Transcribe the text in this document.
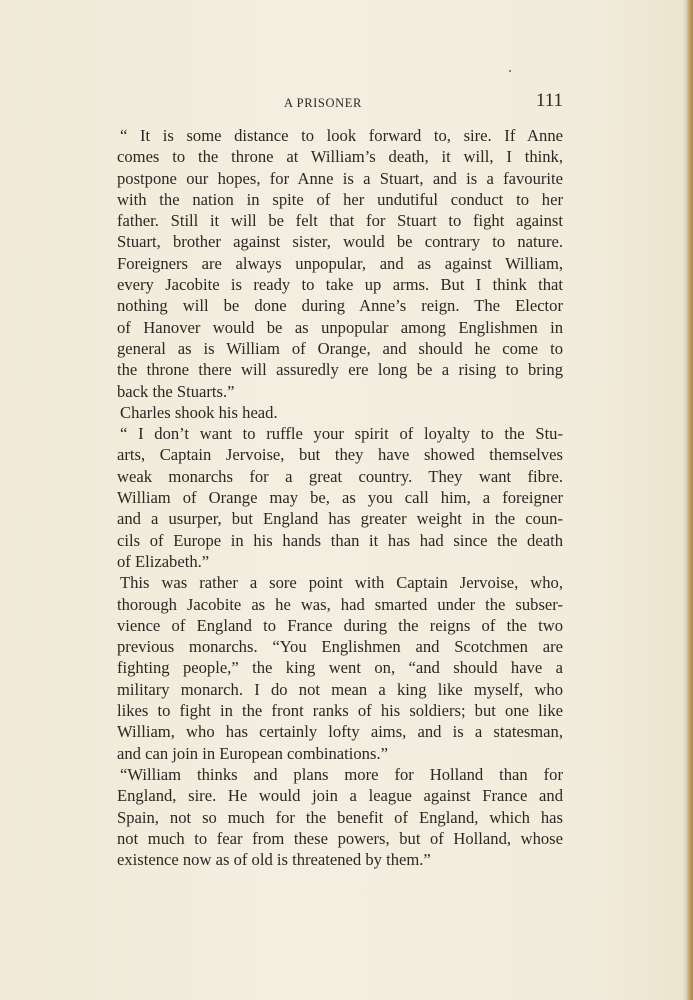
A PRISONER	111
“ It is some distance to look forward to, sire. If Anne
comes to the throne at William’s death, it will, I think,
postpone our hopes, for Anne is a Stuart, and is a favourite
with the nation in spite of her undutiful conduct to her
father. Still it will be felt that for Stuart to fight against
Stuart, brother against sister, would be contrary to nature.
Foreigners are always unpopular, and as against William,
every Jacobite is ready to take up arms. But I think that
nothing will be done during Anne’s reign. The Elector
of Hanover would be as unpopular among Englishmen in
general as is William of Orange, and should he come to
the throne there will assuredly ere long be a rising to bring
back the Stuarts.”
Charles shook his head.
“ I don’t want to ruffle your spirit of loyalty to the Stu-
arts, Captain Jervoise, but they have showed themselves
weak monarchs for a great country. They want fibre.
William of Orange may be, as you call him, a foreigner
and a usurper, but England has greater weight in the coun-
cils of Europe in his hands than it has had since the death
of Elizabeth.”
This was rather a sore point with Captain Jervoise, who,
thorough Jacobite as he was, had smarted under the subser-
vience of England to France during the reigns of the two
previous monarchs. “You Englishmen and Scotchmen are
fighting people,” the king went on, “and should have a
military monarch. I do not mean a king like myself, who
likes to fight in the front ranks of his soldiers; but one like
William, who has certainly lofty aims, and is a statesman,
and can join in European combinations.”
“William thinks and plans more for Holland than for
England, sire. He would join a league against France and
Spain, not so much for the benefit of England, which has
not much to fear from these powers, but of Holland, whose
existence now as of old is threatened by them.”
